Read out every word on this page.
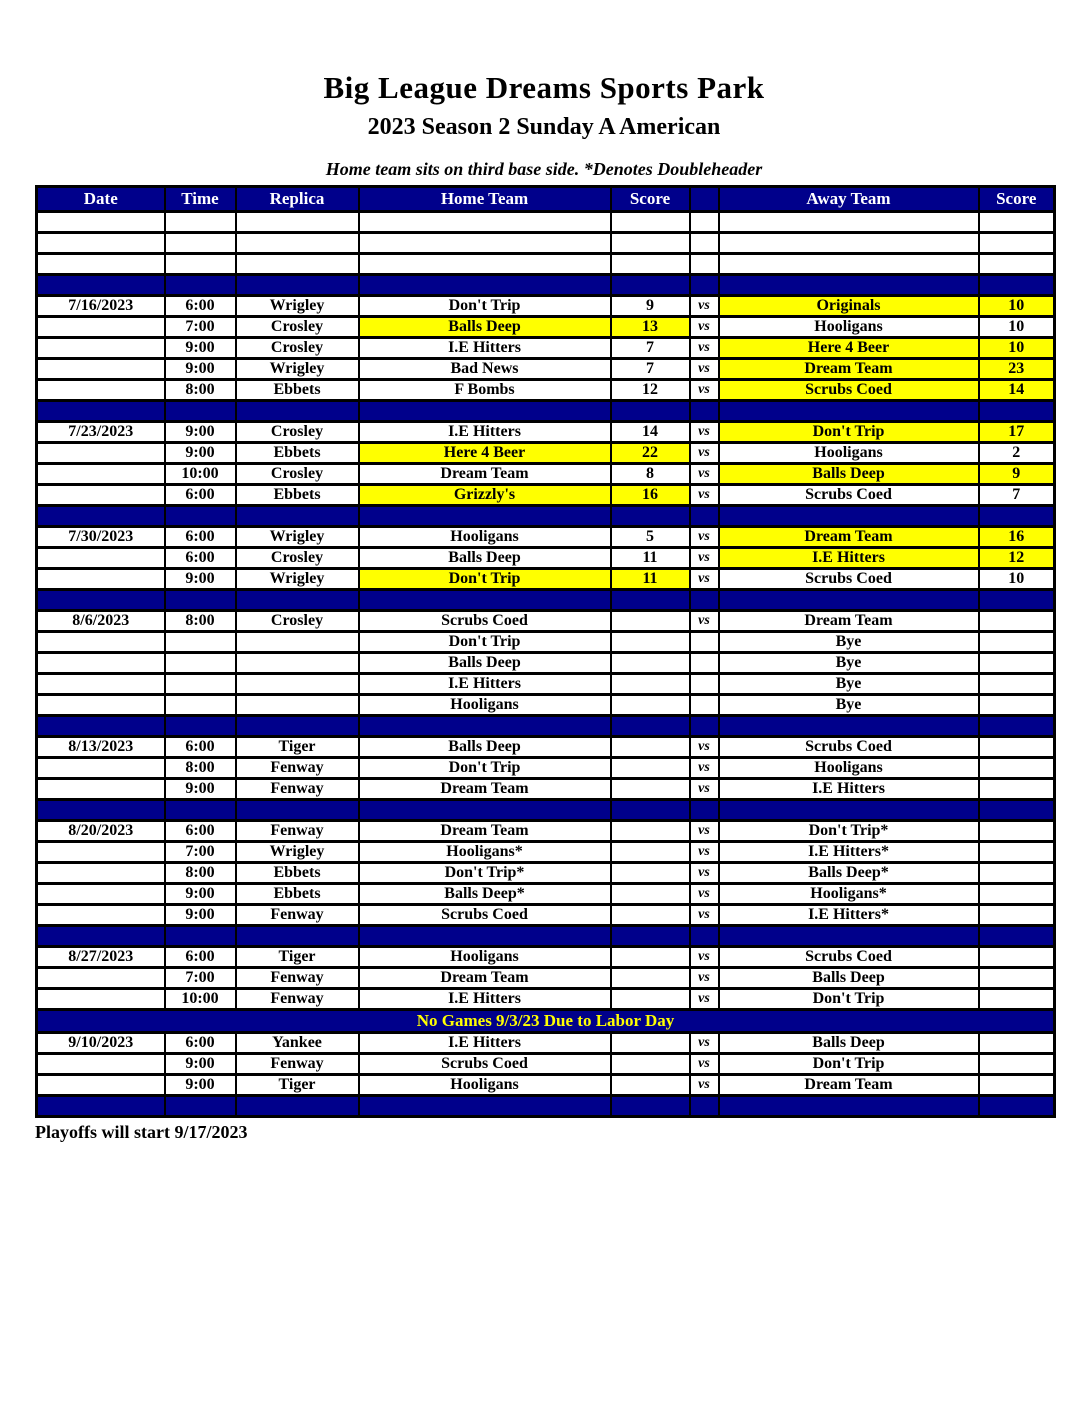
Big League Dreams Sports Park
2023 Season 2 Sunday A American
Home team sits on third base side. *Denotes Doubleheader
Date	Time	Replica	Home Team	Score		Away Team	Score

7/16/2023	6:00	Wrigley	Don't Trip	9	vs	Originals	10
	7:00	Crosley	Balls Deep	13	vs	Hooligans	10
	9:00	Crosley	I.E Hitters	7	vs	Here 4 Beer	10
	9:00	Wrigley	Bad News	7	vs	Dream Team	23
	8:00	Ebbets	F Bombs	12	vs	Scrubs Coed	14

7/23/2023	9:00	Crosley	I.E Hitters	14	vs	Don't Trip	17
	9:00	Ebbets	Here 4 Beer	22	vs	Hooligans	2
	10:00	Crosley	Dream Team	8	vs	Balls Deep	9
	6:00	Ebbets	Grizzly's	16	vs	Scrubs Coed	7

7/30/2023	6:00	Wrigley	Hooligans	5	vs	Dream Team	16
	6:00	Crosley	Balls Deep	11	vs	I.E Hitters	12
	9:00	Wrigley	Don't Trip	11	vs	Scrubs Coed	10

8/6/2023	8:00	Crosley	Scrubs Coed		vs	Dream Team	
			Don't Trip			Bye	
			Balls Deep			Bye	
			I.E Hitters			Bye	
			Hooligans			Bye	

8/13/2023	6:00	Tiger	Balls Deep		vs	Scrubs Coed	
	8:00	Fenway	Don't Trip		vs	Hooligans	
	9:00	Fenway	Dream Team		vs	I.E Hitters	

8/20/2023	6:00	Fenway	Dream Team		vs	Don't Trip*	
	7:00	Wrigley	Hooligans*		vs	I.E Hitters*	
	8:00	Ebbets	Don't Trip*		vs	Balls Deep*	
	9:00	Ebbets	Balls Deep*		vs	Hooligans*	
	9:00	Fenway	Scrubs Coed		vs	I.E Hitters*	

8/27/2023	6:00	Tiger	Hooligans		vs	Scrubs Coed	
	7:00	Fenway	Dream Team		vs	Balls Deep	
	10:00	Fenway	I.E Hitters		vs	Don't Trip	
No Games 9/3/23 Due to Labor Day							
9/10/2023	6:00	Yankee	I.E Hitters		vs	Balls Deep	
	9:00	Fenway	Scrubs Coed		vs	Don't Trip	
	9:00	Tiger	Hooligans		vs	Dream Team	

Playoffs will start 9/17/2023
